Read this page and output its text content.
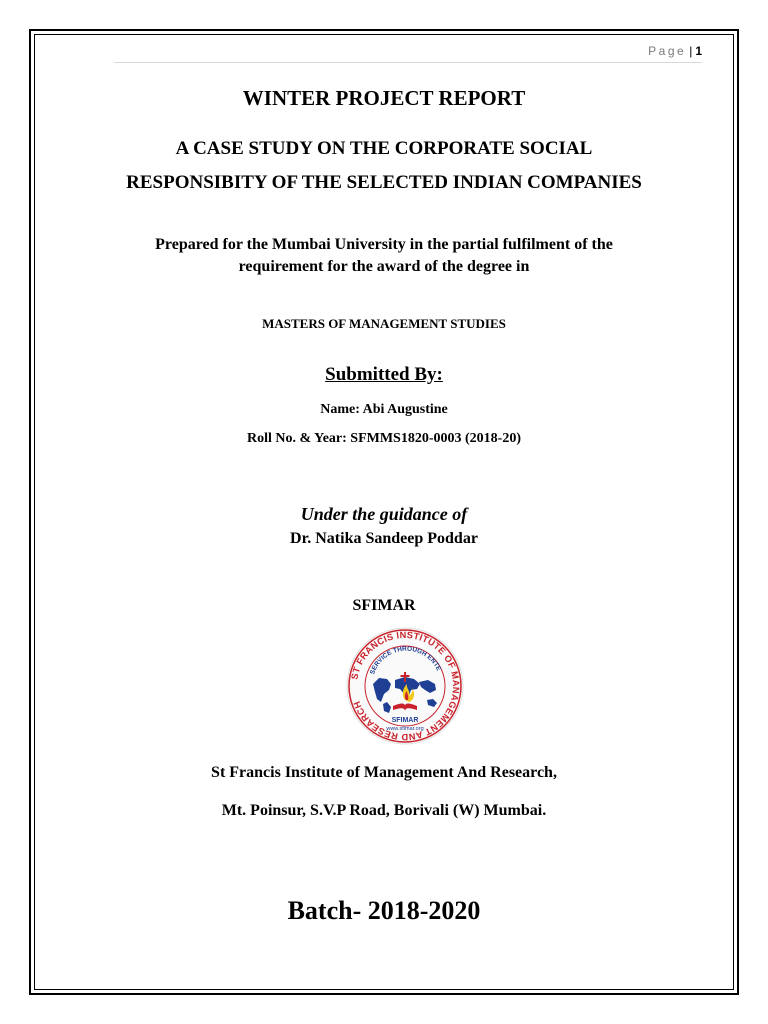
Page | 1
WINTER PROJECT REPORT
A CASE STUDY ON THE CORPORATE SOCIAL
RESPONSIBITY OF THE SELECTED INDIAN COMPANIES
Prepared for the Mumbai University in the partial fulfilment of the
requirement for the award of the degree in
MASTERS OF MANAGEMENT STUDIES
Submitted By:
Name: Abi Augustine
Roll No. & Year: SFMMS1820-0003 (2018-20)
Under the guidance of
Dr. Natika Sandeep Poddar
SFIMAR
ST FRANCIS INSTITUTE OF MANAGEMENT AND RESEARCH
SERVICE THROUGH ENTE
SFIMAR
www.sfimar.org
St Francis Institute of Management And Research,
Mt. Poinsur, S.V.P Road, Borivali (W) Mumbai.
Batch- 2018-2020
